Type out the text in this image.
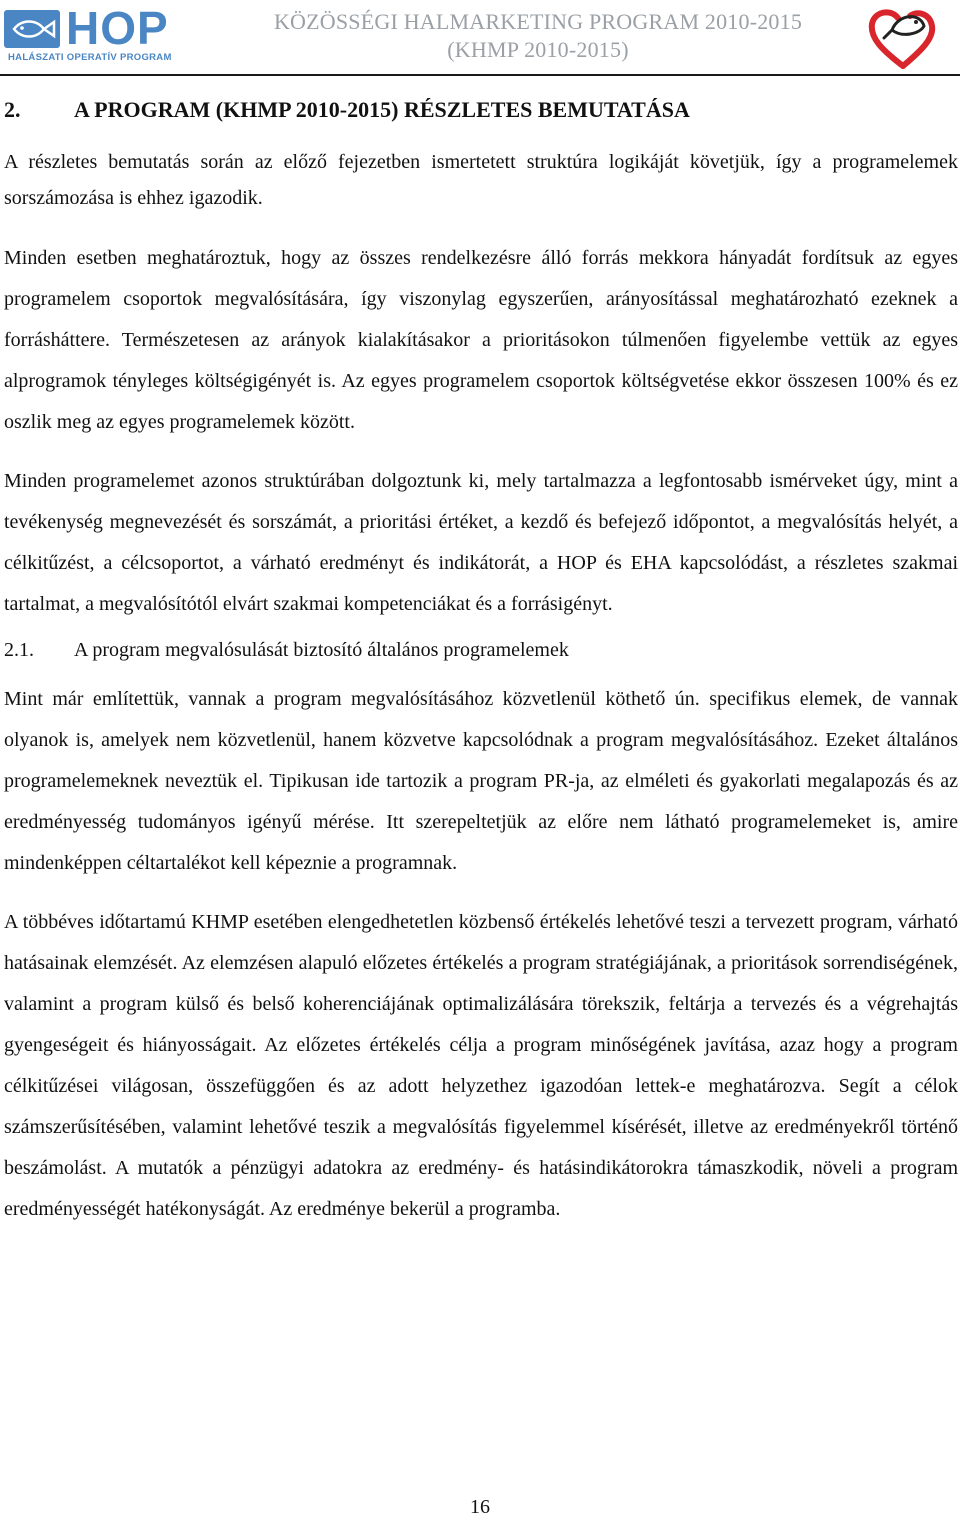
HOP
HALÁSZATI OPERATÍV PROGRAM
KÖZÖSSÉGI HALMARKETING PROGRAM 2010-2015
(KHMP 2010-2015)
2.	A PROGRAM (KHMP 2010-2015) RÉSZLETES BEMUTATÁSA

A részletes bemutatás során az előző fejezetben ismertetett struktúra logikáját követjük, így a programelemek sorszámozása is ehhez igazodik.

Minden esetben meghatároztuk, hogy az összes rendelkezésre álló forrás mekkora hányadát fordítsuk az egyes programelem csoportok megvalósítására, így viszonylag egyszerűen, arányosítással meghatározható ezeknek a forrásháttere. Természetesen az arányok kialakításakor a prioritásokon túlmenően figyelembe vettük az egyes alprogramok tényleges költségigényét is. Az egyes programelem csoportok költségvetése ekkor összesen 100% és ez oszlik meg az egyes programelemek között.

Minden programelemet azonos struktúrában dolgoztunk ki, mely tartalmazza a legfontosabb ismérveket úgy, mint a tevékenység megnevezését és sorszámát, a prioritási értéket, a kezdő és befejező időpontot, a megvalósítás helyét, a célkitűzést, a célcsoportot, a várható eredményt és indikátorát, a HOP és EHA kapcsolódást, a részletes szakmai tartalmat, a megvalósítótól elvárt szakmai kompetenciákat és a forrásigényt.

2.1.	A program megvalósulását biztosító általános programelemek

Mint már említettük, vannak a program megvalósításához közvetlenül köthető ún. specifikus elemek, de vannak olyanok is, amelyek nem közvetlenül, hanem közvetve kapcsolódnak a program megvalósításához. Ezeket általános programelemeknek neveztük el. Tipikusan ide tartozik a program PR-ja, az elméleti és gyakorlati megalapozás és az eredményesség tudományos igényű mérése. Itt szerepeltetjük az előre nem látható programelemeket is, amire mindenképpen céltartalékot kell képeznie a programnak.

A többéves időtartamú KHMP esetében elengedhetetlen közbenső értékelés lehetővé teszi a tervezett program, várható hatásainak elemzését. Az elemzésen alapuló előzetes értékelés a program stratégiájának, a prioritások sorrendiségének, valamint a program külső és belső koherenciájának optimalizálására törekszik, feltárja a tervezés és a végrehajtás gyengeségeit és hiányosságait. Az előzetes értékelés célja a program minőségének javítása, azaz hogy a program célkitűzései világosan, összefüggően és az adott helyzethez igazodóan lettek-e meghatározva. Segít a célok számszerűsítésében, valamint lehetővé teszik a megvalósítás figyelemmel kísérését, illetve az eredményekről történő beszámolást. A mutatók a pénzügyi adatokra az eredmény- és hatásindikátorokra támaszkodik, növeli a program eredményességét hatékonyságát. Az eredménye bekerül a programba.

16
